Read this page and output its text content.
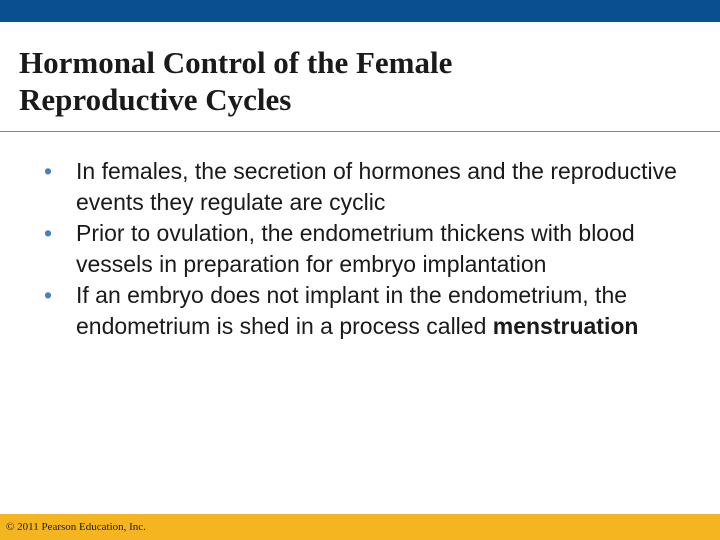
Hormonal Control of the Female
Reproductive Cycles
•	In females, the secretion of hormones and the reproductive events they regulate are cyclic
•	Prior to ovulation, the endometrium thickens with blood vessels in preparation for embryo implantation
•	If an embryo does not implant in the endometrium, the endometrium is shed in a process called menstruation

© 2011 Pearson Education, Inc.
